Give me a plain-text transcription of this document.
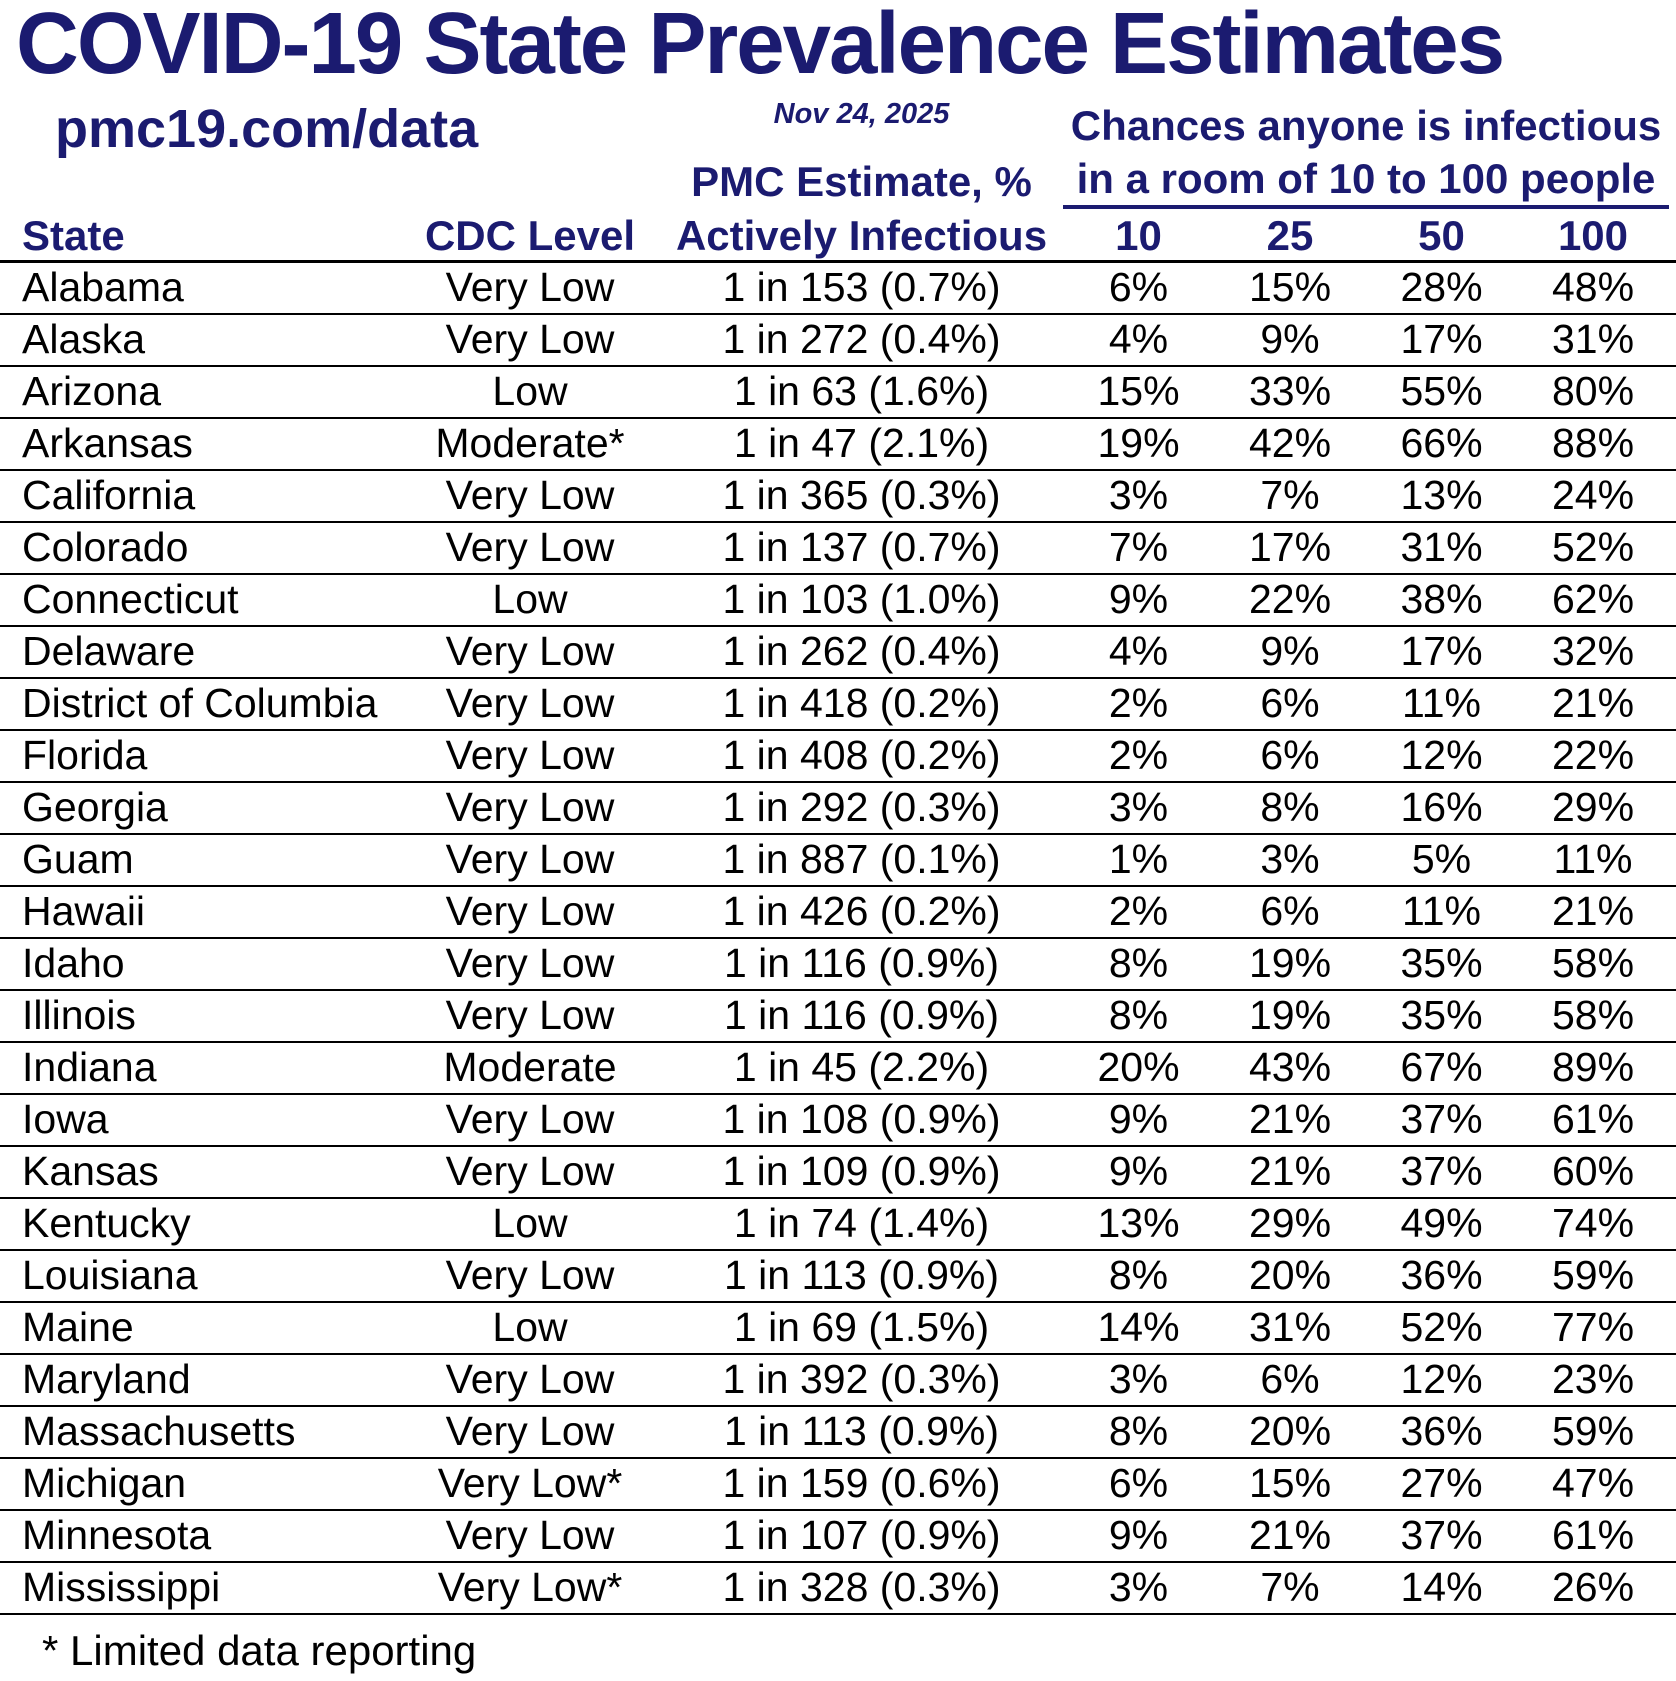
COVID-19 State Prevalence Estimates
pmc19.com/data	Nov 24, 2025
PMC Estimate, %
Chances anyone is infectious
in a room of 10 to 100 people
State	CDC Level	Actively Infectious	10	25	50	100	
Alabama	Very Low	1 in 153 (0.7%)	6%	15%	28%	48%	
Alaska	Very Low	1 in 272 (0.4%)	4%	9%	17%	31%	
Arizona	Low	1 in 63 (1.6%)	15%	33%	55%	80%	
Arkansas	Moderate*	1 in 47 (2.1%)	19%	42%	66%	88%	
California	Very Low	1 in 365 (0.3%)	3%	7%	13%	24%	
Colorado	Very Low	1 in 137 (0.7%)	7%	17%	31%	52%	
Connecticut	Low	1 in 103 (1.0%)	9%	22%	38%	62%	
Delaware	Very Low	1 in 262 (0.4%)	4%	9%	17%	32%	
District of Columbia	Very Low	1 in 418 (0.2%)	2%	6%	11%	21%	
Florida	Very Low	1 in 408 (0.2%)	2%	6%	12%	22%	
Georgia	Very Low	1 in 292 (0.3%)	3%	8%	16%	29%	
Guam	Very Low	1 in 887 (0.1%)	1%	3%	5%	11%	
Hawaii	Very Low	1 in 426 (0.2%)	2%	6%	11%	21%	
Idaho	Very Low	1 in 116 (0.9%)	8%	19%	35%	58%	
Illinois	Very Low	1 in 116 (0.9%)	8%	19%	35%	58%	
Indiana	Moderate	1 in 45 (2.2%)	20%	43%	67%	89%	
Iowa	Very Low	1 in 108 (0.9%)	9%	21%	37%	61%	
Kansas	Very Low	1 in 109 (0.9%)	9%	21%	37%	60%	
Kentucky	Low	1 in 74 (1.4%)	13%	29%	49%	74%	
Louisiana	Very Low	1 in 113 (0.9%)	8%	20%	36%	59%	
Maine	Low	1 in 69 (1.5%)	14%	31%	52%	77%	
Maryland	Very Low	1 in 392 (0.3%)	3%	6%	12%	23%	
Massachusetts	Very Low	1 in 113 (0.9%)	8%	20%	36%	59%	
Michigan	Very Low*	1 in 159 (0.6%)	6%	15%	27%	47%	
Minnesota	Very Low	1 in 107 (0.9%)	9%	21%	37%	61%	
Mississippi	Very Low*	1 in 328 (0.3%)	3%	7%	14%	26%	
* Limited data reporting
